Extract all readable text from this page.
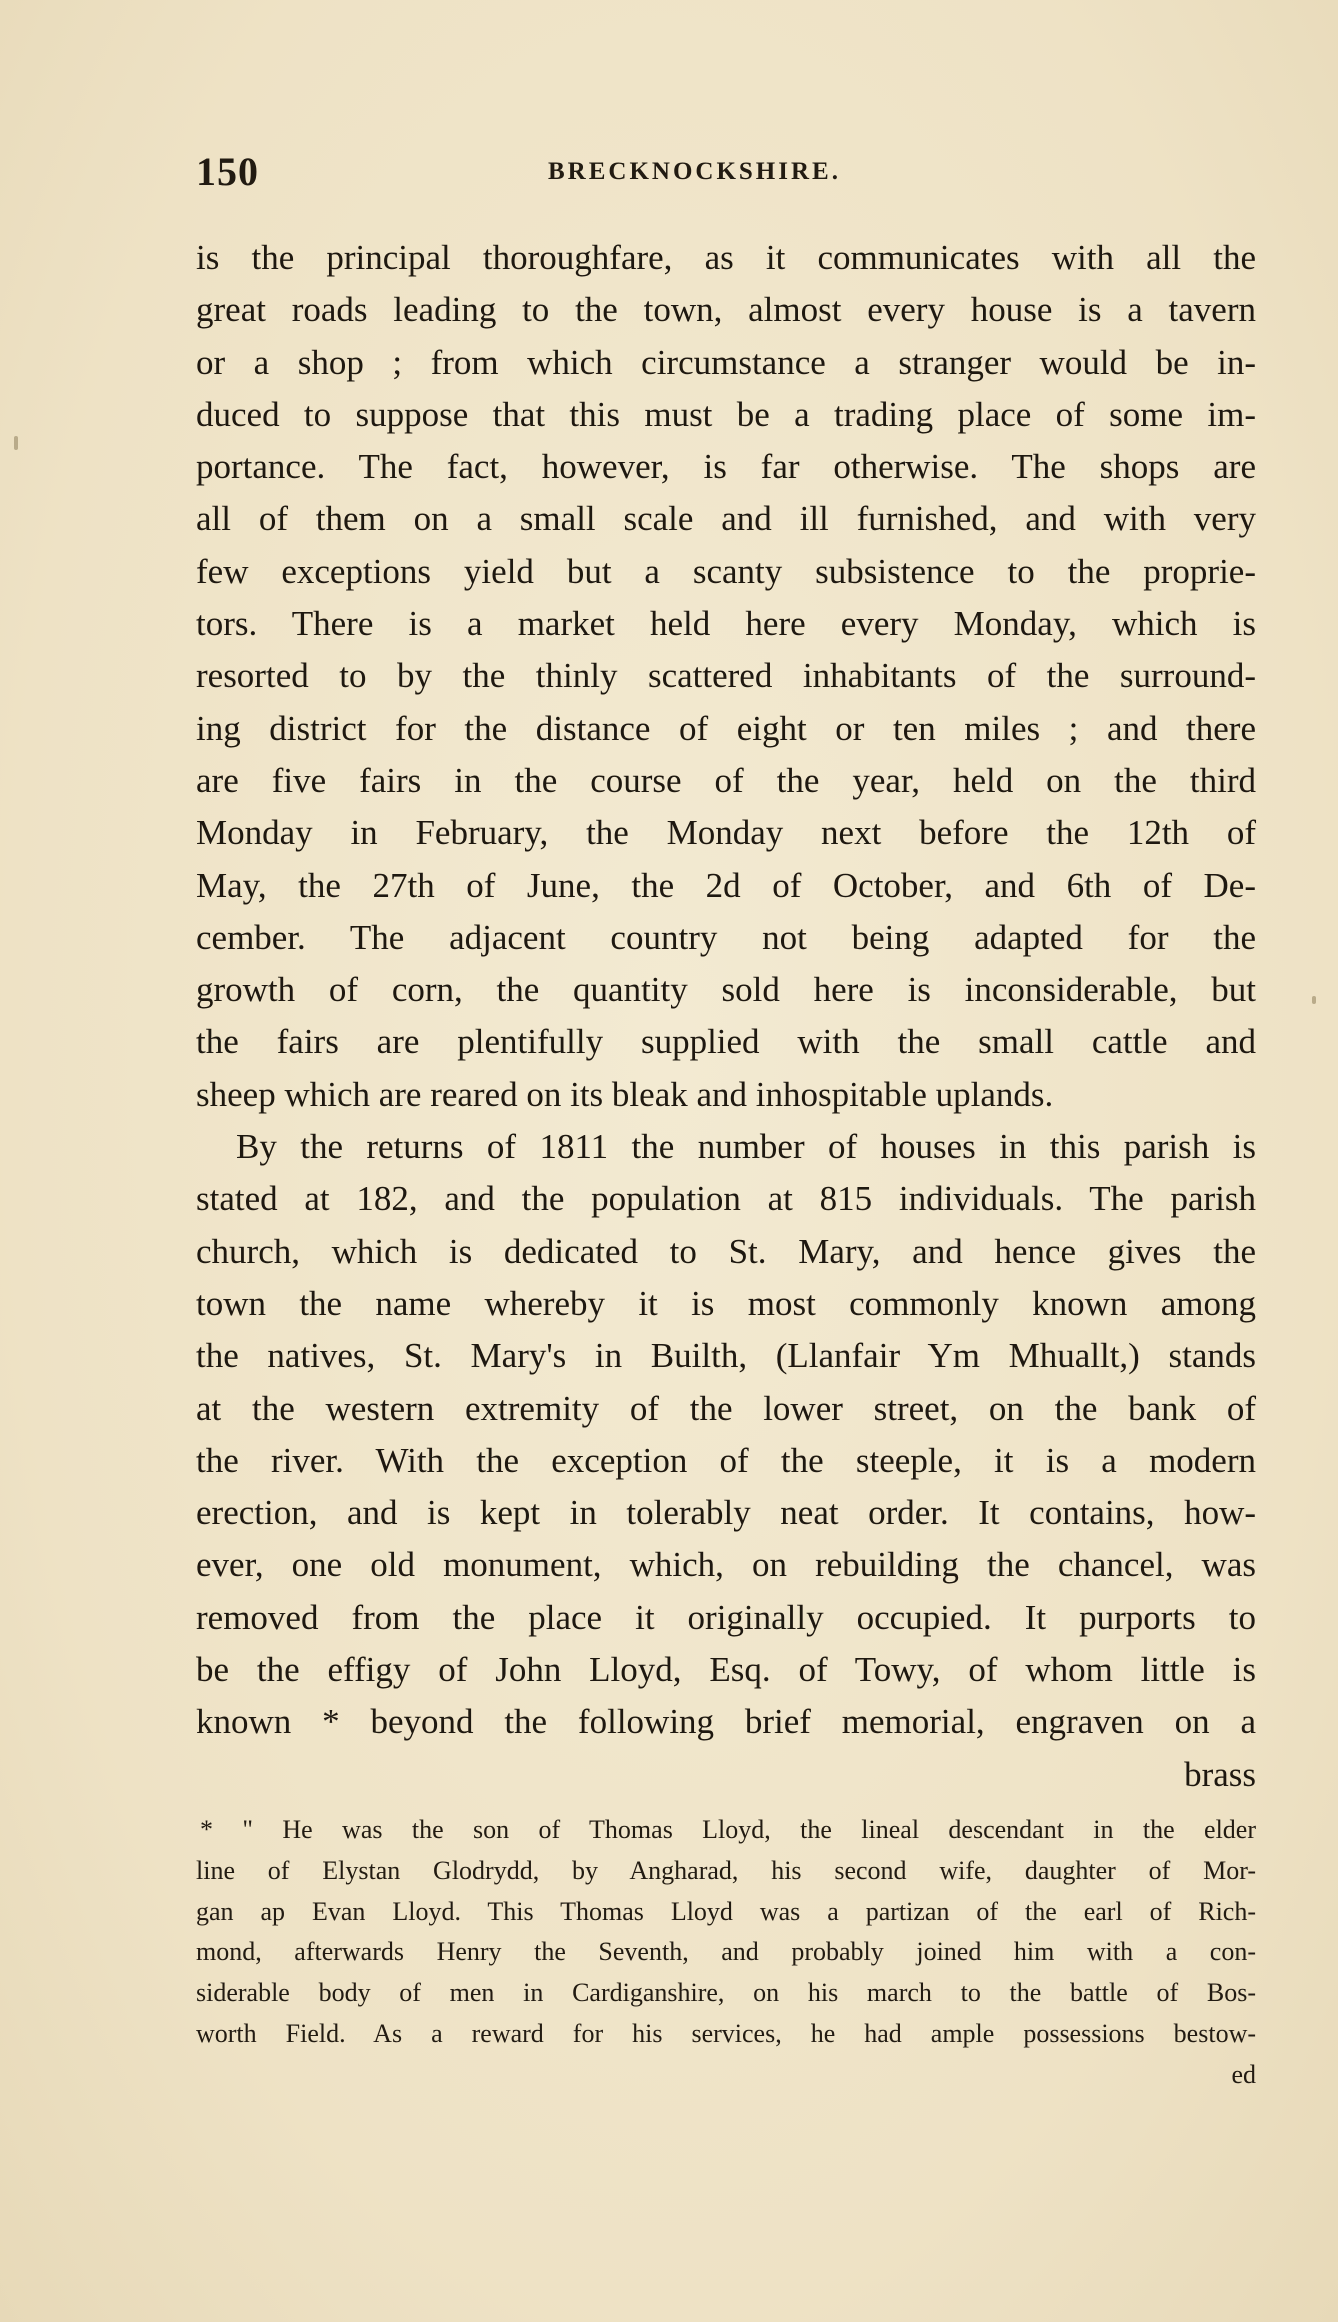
150	BRECKNOCKSHIRE.
is the principal thoroughfare, as it communicates with all the
great roads leading to the town, almost every house is a tavern
or a shop ; from which circumstance a stranger would be in-
duced to suppose that this must be a trading place of some im-
portance. The fact, however, is far otherwise. The shops are
all of them on a small scale and ill furnished, and with very
few exceptions yield but a scanty subsistence to the proprie-
tors. There is a market held here every Monday, which is
resorted to by the thinly scattered inhabitants of the surround-
ing district for the distance of eight or ten miles ; and there
are five fairs in the course of the year, held on the third
Monday in February, the Monday next before the 12th of
May, the 27th of June, the 2d of October, and 6th of De-
cember. The adjacent country not being adapted for the
growth of corn, the quantity sold here is inconsiderable, but
the fairs are plentifully supplied with the small cattle and
sheep which are reared on its bleak and inhospitable uplands.
By the returns of 1811 the number of houses in this parish is
stated at 182, and the population at 815 individuals. The parish
church, which is dedicated to St. Mary, and hence gives the
town the name whereby it is most commonly known among
the natives, St. Mary's in Builth, (Llanfair Ym Mhuallt,) stands
at the western extremity of the lower street, on the bank of
the river. With the exception of the steeple, it is a modern
erection, and is kept in tolerably neat order. It contains, how-
ever, one old monument, which, on rebuilding the chancel, was
removed from the place it originally occupied. It purports to
be the effigy of John Lloyd, Esq. of Towy, of whom little is
known * beyond the following brief memorial, engraven on a
brass
* " He was the son of Thomas Lloyd, the lineal descendant in the elder
line of Elystan Glodrydd, by Angharad, his second wife, daughter of Mor-
gan ap Evan Lloyd. This Thomas Lloyd was a partizan of the earl of Rich-
mond, afterwards Henry the Seventh, and probably joined him with a con-
siderable body of men in Cardiganshire, on his march to the battle of Bos-
worth Field. As a reward for his services, he had ample possessions bestow-
ed
